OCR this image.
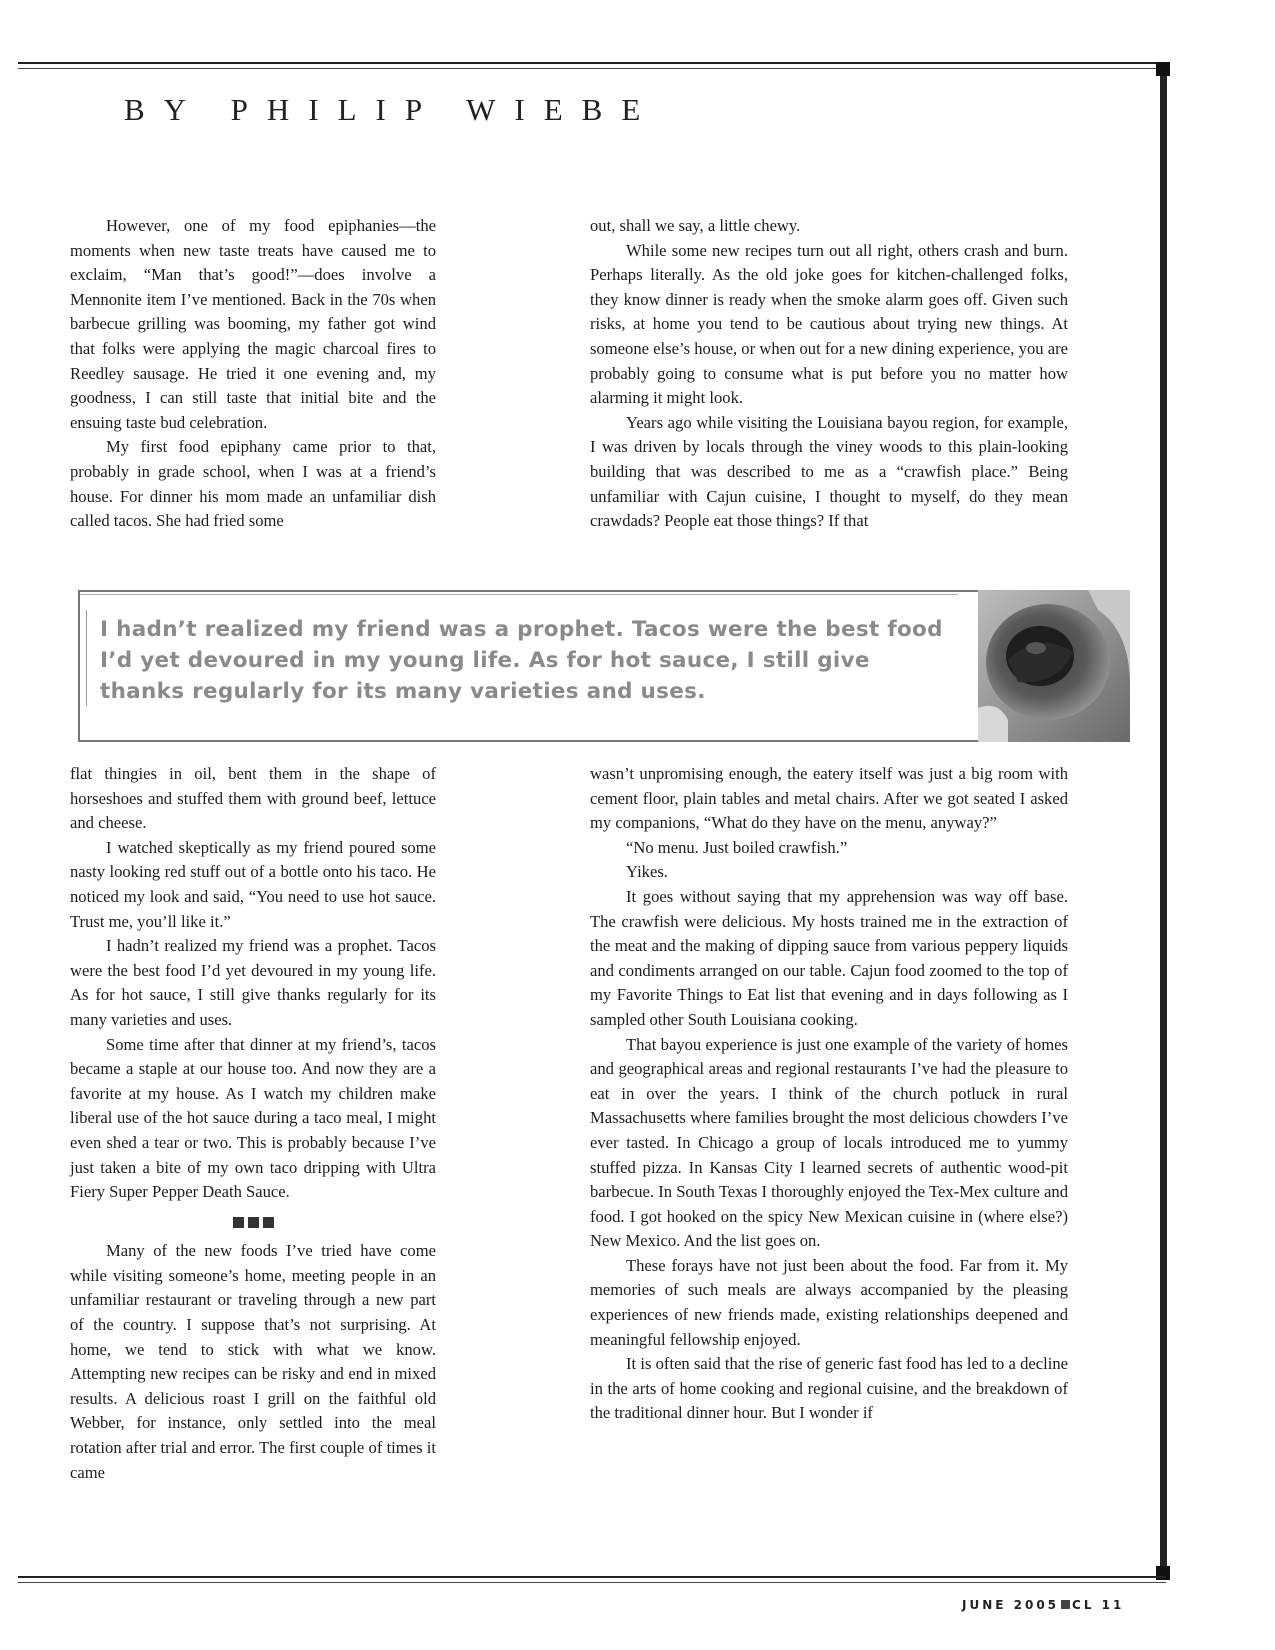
BY PHILIP WIEBE

However, one of my food epiphanies—the moments when new taste treats have caused me to exclaim, “Man that’s good!”—does involve a Mennonite item I’ve mentioned. Back in the 70s when barbecue grilling was booming, my father got wind that folks were applying the magic charcoal fires to Reedley sausage. He tried it one evening and, my goodness, I can still taste that initial bite and the ensuing taste bud celebration.

My first food epiphany came prior to that, probably in grade school, when I was at a friend’s house. For dinner his mom made an unfamiliar dish called tacos. She had fried some

out, shall we say, a little chewy.

While some new recipes turn out all right, others crash and burn. Perhaps literally. As the old joke goes for kitchen-challenged folks, they know dinner is ready when the smoke alarm goes off. Given such risks, at home you tend to be cautious about trying new things. At someone else’s house, or when out for a new dining experience, you are probably going to consume what is put before you no matter how alarming it might look.

Years ago while visiting the Louisiana bayou region, for example, I was driven by locals through the viney woods to this plain-looking building that was described to me as a “crawfish place.” Being unfamiliar with Cajun cuisine, I thought to myself, do they mean crawdads? People eat those things? If that

I hadn’t realized my friend was a prophet. Tacos were the best food I’d yet devoured in my young life. As for hot sauce, I still give thanks regularly for its many varieties and uses.

flat thingies in oil, bent them in the shape of horseshoes and stuffed them with ground beef, lettuce and cheese.

I watched skeptically as my friend poured some nasty looking red stuff out of a bottle onto his taco. He noticed my look and said, “You need to use hot sauce. Trust me, you’ll like it.”

I hadn’t realized my friend was a prophet. Tacos were the best food I’d yet devoured in my young life. As for hot sauce, I still give thanks regularly for its many varieties and uses.

Some time after that dinner at my friend’s, tacos became a staple at our house too. And now they are a favorite at my house. As I watch my children make liberal use of the hot sauce during a taco meal, I might even shed a tear or two. This is probably because I’ve just taken a bite of my own taco dripping with Ultra Fiery Super Pepper Death Sauce.

Many of the new foods I’ve tried have come while visiting someone’s home, meeting people in an unfamiliar restaurant or traveling through a new part of the country. I suppose that’s not surprising. At home, we tend to stick with what we know. Attempting new recipes can be risky and end in mixed results. A delicious roast I grill on the faithful old Webber, for instance, only settled into the meal rotation after trial and error. The first couple of times it came

wasn’t unpromising enough, the eatery itself was just a big room with cement floor, plain tables and metal chairs. After we got seated I asked my companions, “What do they have on the menu, anyway?”

“No menu. Just boiled crawfish.”

Yikes.

It goes without saying that my apprehension was way off base. The crawfish were delicious. My hosts trained me in the extraction of the meat and the making of dipping sauce from various peppery liquids and condiments arranged on our table. Cajun food zoomed to the top of my Favorite Things to Eat list that evening and in days following as I sampled other South Louisiana cooking.

That bayou experience is just one example of the variety of homes and geographical areas and regional restaurants I’ve had the pleasure to eat in over the years. I think of the church potluck in rural Massachusetts where families brought the most delicious chowders I’ve ever tasted. In Chicago a group of locals introduced me to yummy stuffed pizza. In Kansas City I learned secrets of authentic wood-pit barbecue. In South Texas I thoroughly enjoyed the Tex-Mex culture and food. I got hooked on the spicy New Mexican cuisine in (where else?) New Mexico. And the list goes on.

These forays have not just been about the food. Far from it. My memories of such meals are always accompanied by the pleasing experiences of new friends made, existing relationships deepened and meaningful fellowship enjoyed.

It is often said that the rise of generic fast food has led to a decline in the arts of home cooking and regional cuisine, and the breakdown of the traditional dinner hour. But I wonder if

JUNE 2005 CL 11
